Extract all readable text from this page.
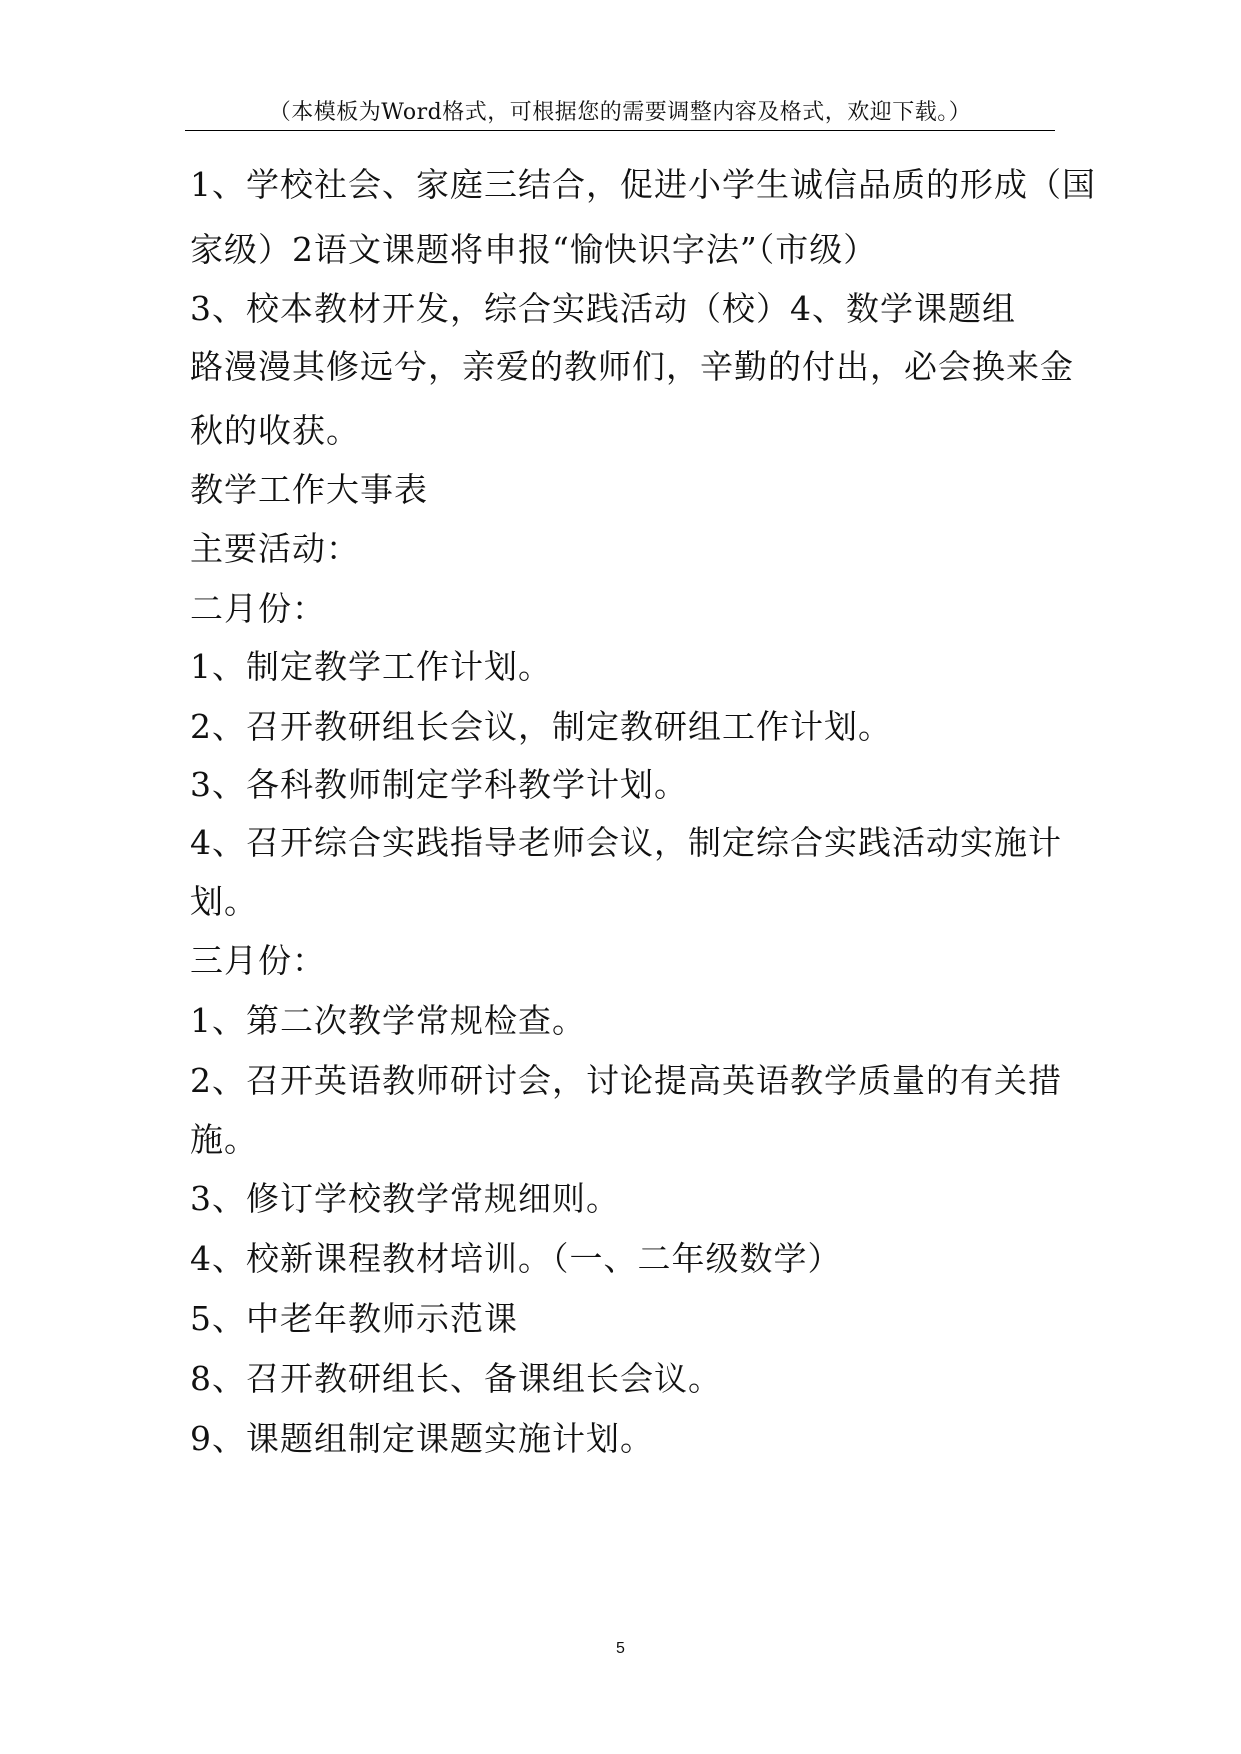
（本模板为Word格式，可根据您的需要调整内容及格式，欢迎下载。）
1、学校社会、家庭三结合，促进小学生诚信品质的形成（国
家级）2语文课题将申报“愉快识字法”（市级）
3、校本教材开发，综合实践活动（校）4、数学课题组
路漫漫其修远兮，亲爱的教师们，辛勤的付出，必会换来金
秋的收获。
教学工作大事表
主要活动：
二月份：
1、制定教学工作计划。
2、召开教研组长会议，制定教研组工作计划。
3、各科教师制定学科教学计划。
4、召开综合实践指导老师会议，制定综合实践活动实施计
划。
三月份：
1、第二次教学常规检查。
2、召开英语教师研讨会，讨论提高英语教学质量的有关措
施。
3、修订学校教学常规细则。
4、校新课程教材培训。（一、二年级数学）
5、中老年教师示范课
8、召开教研组长、备课组长会议。
9、课题组制定课题实施计划。
5
